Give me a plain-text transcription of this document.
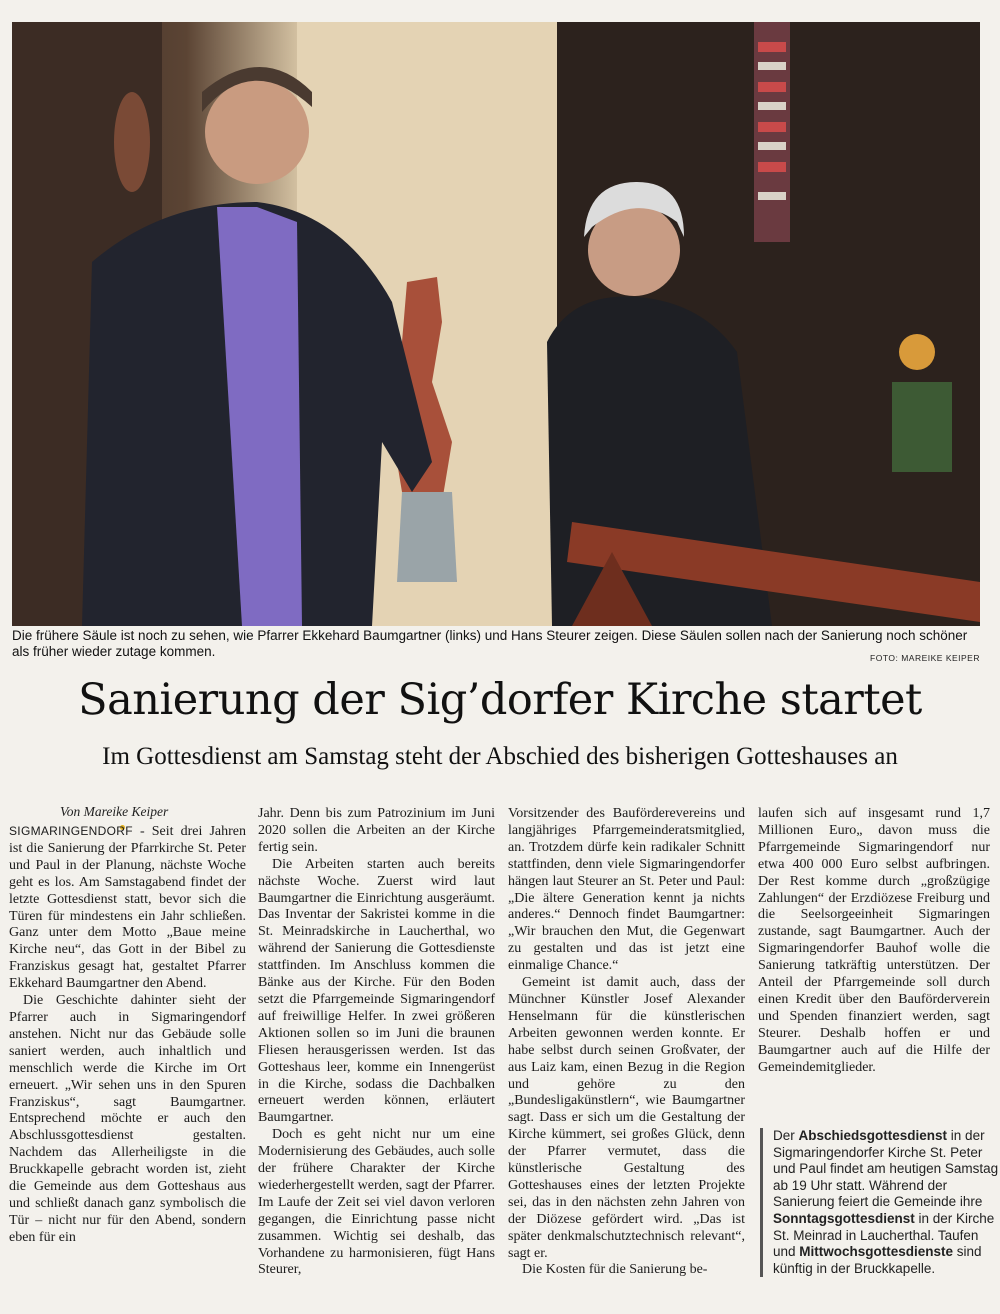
Die frühere Säule ist noch zu sehen, wie Pfarrer Ekkehard Baumgartner (links) und Hans Steurer zeigen. Diese Säulen sollen nach der Sanierung noch schöner als früher wieder zutage kommen.	FOTO: MAREIKE KEIPER
Sanierung der Sig’dorfer Kirche startet
Im Gottesdienst am Samstag steht der Abschied des bisherigen Gotteshauses an
Von Mareike Keiper

SIGMARINGENDORF - Seit drei Jahren ist die Sanierung der Pfarrkirche St. Peter und Paul in der Planung, nächste Woche geht es los. Am Samstagabend findet der letzte Gottesdienst statt, bevor sich die Türen für mindestens ein Jahr schließen. Ganz unter dem Motto „Baue meine Kirche neu“, das Gott in der Bibel zu Franziskus gesagt hat, gestaltet Pfarrer Ekkehard Baumgartner den Abend.

Die Geschichte dahinter sieht der Pfarrer auch in Sigmaringendorf anstehen. Nicht nur das Gebäude solle saniert werden, auch inhaltlich und menschlich werde die Kirche im Ort erneuert. „Wir sehen uns in den Spuren Franziskus“, sagt Baumgartner. Entsprechend möchte er auch den Abschlussgottesdienst gestalten. Nachdem das Allerheiligste in die Bruckkapelle gebracht worden ist, zieht die Gemeinde aus dem Gotteshaus aus und schließt danach ganz symbolisch die Tür – nicht nur für den Abend, sondern eben für ein

Jahr. Denn bis zum Patrozinium im Juni 2020 sollen die Arbeiten an der Kirche fertig sein.

Die Arbeiten starten auch bereits nächste Woche. Zuerst wird laut Baumgartner die Einrichtung ausgeräumt. Das Inventar der Sakristei komme in die St. Meinradskirche in Laucherthal, wo während der Sanierung die Gottesdienste stattfinden. Im Anschluss kommen die Bänke aus der Kirche. Für den Boden setzt die Pfarrgemeinde Sigmaringendorf auf freiwillige Helfer. In zwei größeren Aktionen sollen so im Juni die braunen Fliesen herausgerissen werden. Ist das Gotteshaus leer, komme ein Innengerüst in die Kirche, sodass die Dachbalken erneuert werden können, erläutert Baumgartner.

Doch es geht nicht nur um eine Modernisierung des Gebäudes, auch solle der frühere Charakter der Kirche wiederhergestellt werden, sagt der Pfarrer. Im Laufe der Zeit sei viel davon verloren gegangen, die Einrichtung passe nicht zusammen. Wichtig sei deshalb, das Vorhandene zu harmonisieren, fügt Hans Steurer,

Vorsitzender des Bauförderevereins und langjähriges Pfarrgemeinderatsmitglied, an. Trotzdem dürfe kein radikaler Schnitt stattfinden, denn viele Sigmaringendorfer hängen laut Steurer an St. Peter und Paul: „Die ältere Generation kennt ja nichts anderes.“ Dennoch findet Baumgartner: „Wir brauchen den Mut, die Gegenwart zu gestalten und das ist jetzt eine einmalige Chance.“

Gemeint ist damit auch, dass der Münchner Künstler Josef Alexander Henselmann für die künstlerischen Arbeiten gewonnen werden konnte. Er habe selbst durch seinen Großvater, der aus Laiz kam, einen Bezug in die Region und gehöre zu den „Bundesligakünstlern“, wie Baumgartner sagt. Dass er sich um die Gestaltung der Kirche kümmert, sei großes Glück, denn der Pfarrer vermutet, dass die künstlerische Gestaltung des Gotteshauses eines der letzten Projekte sei, das in den nächsten zehn Jahren von der Diözese gefördert wird. „Das ist später denkmalschutztechnisch relevant“, sagt er.

Die Kosten für die Sanierung be-

laufen sich auf insgesamt rund 1,7 Millionen Euro„ davon muss die Pfarrgemeinde Sigmaringendorf nur etwa 400 000 Euro selbst aufbringen. Der Rest komme durch „großzügige Zahlungen“ der Erzdiözese Freiburg und die Seelsorgeeinheit Sigmaringen zustande, sagt Baumgartner. Auch der Sigmaringendorfer Bauhof wolle die Sanierung tatkräftig unterstützen. Der Anteil der Pfarrgemeinde soll durch einen Kredit über den Bauförderverein und Spenden finanziert werden, sagt Steurer. Deshalb hoffen er und Baumgartner auch auf die Hilfe der Gemeindemitglieder.

Der Abschiedsgottesdienst in der Sigmaringendorfer Kirche St. Peter und Paul findet am heutigen Samstag ab 19 Uhr statt. Während der Sanierung feiert die Gemeinde ihre Sonntagsgottesdienst in der Kirche St. Meinrad in Laucherthal. Taufen und Mittwochsgottesdienste sind künftig in der Bruckkapelle.
